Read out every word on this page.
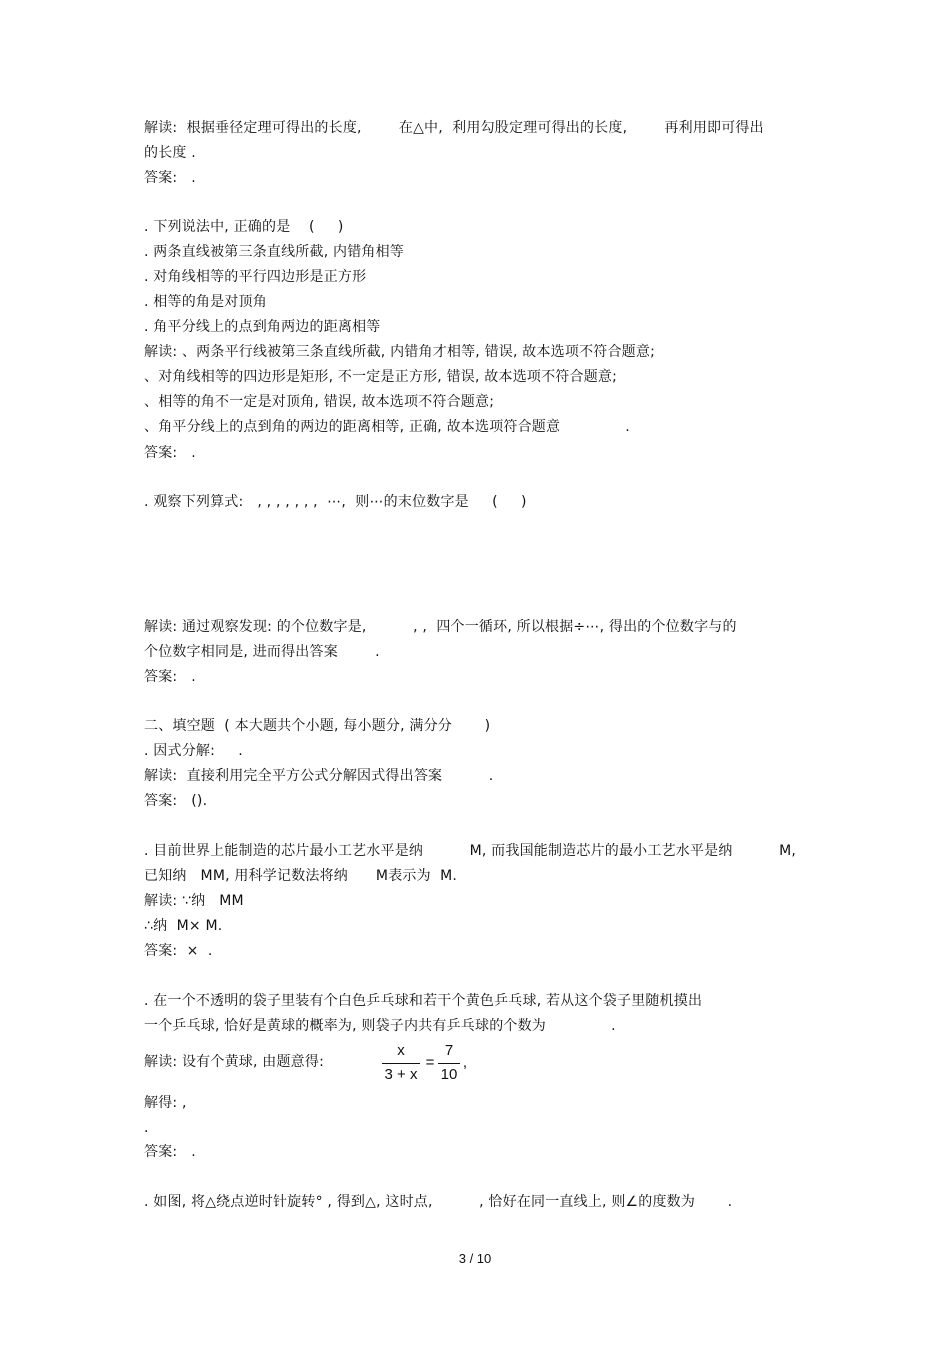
解读:  根据垂径定理可得出的长度,        在△中,  利用勾股定理可得出的长度,        再利用即可得出
的长度 .
答案:   .
. 下列说法中, 正确的是    (     )
. 两条直线被第三条直线所截, 内错角相等
. 对角线相等的平行四边形是正方形
. 相等的角是对顶角
. 角平分线上的点到角两边的距离相等
解读: 、两条平行线被第三条直线所截, 内错角才相等, 错误, 故本选项不符合题意;
、对角线相等的四边形是矩形, 不一定是正方形, 错误, 故本选项不符合题意;
、相等的角不一定是对顶角, 错误, 故本选项不符合题意;
、角平分线上的点到角的两边的距离相等, 正确, 故本选项符合题意              .
答案:   .
. 观察下列算式:   , , , , , , ,  ⋯,  则⋯的末位数字是     (     )
解读: 通过观察发现: 的个位数字是,          , ,  四个一循环, 所以根据÷⋯, 得出的个位数字与的
个位数字相同是, 进而得出答案        .
答案:   .
二、填空题  ( 本大题共个小题, 每小题分, 满分分       )
. 因式分解:     .
解读:  直接利用完全平方公式分解因式得出答案          .
答案:   ().
. 目前世界上能制造的芯片最小工艺水平是纳          M, 而我国能制造芯片的最小工艺水平是纳          M,
已知纳   MM, 用科学记数法将纳      M表示为  M.
解读: ∵纳   MM
∴纳  M× M.
答案:  ×  .
. 在一个不透明的袋子里装有个白色乒乓球和若干个黄色乒乓球, 若从这个袋子里随机摸出
一个乒乓球, 恰好是黄球的概率为, 则袋子内共有乒乓球的个数为              .
解读: 设有个黄球, 由题意得:
x
3 + x
=
7
10
,
解得: ,
.
答案:   .
. 如图, 将△绕点逆时针旋转° , 得到△, 这时点,          , 恰好在同一直线上, 则∠的度数为       .
3 / 10
